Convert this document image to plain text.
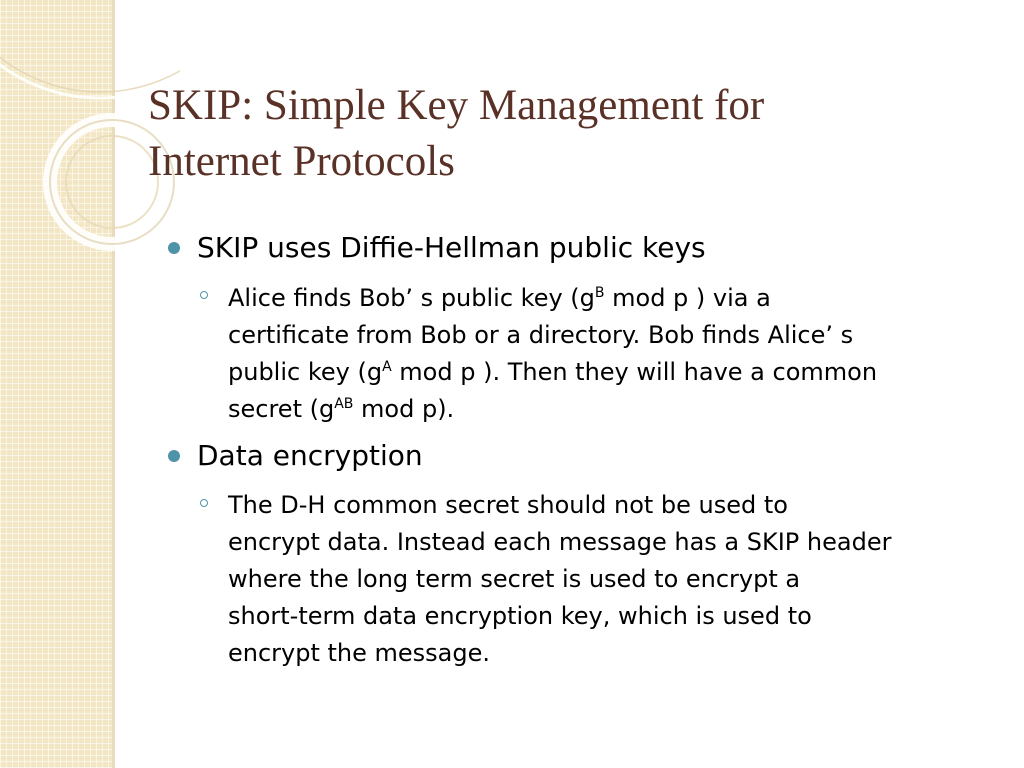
SKIP: Simple Key Management for
Internet Protocols
SKIP uses Diffie-Hellman public keys
Alice finds Bob’ s public key ($g^B$ mod p ) via a
certificate from Bob or a directory. Bob finds Alice’ s
public key ($g^A$ mod p ). Then they will have a common
secret ($g^{AB}$ mod p).
Data encryption
The D-H common secret should not be used to
encrypt data. Instead each message has a SKIP header
where the long term secret is used to encrypt a
short-term data encryption key, which is used to
encrypt the message.
